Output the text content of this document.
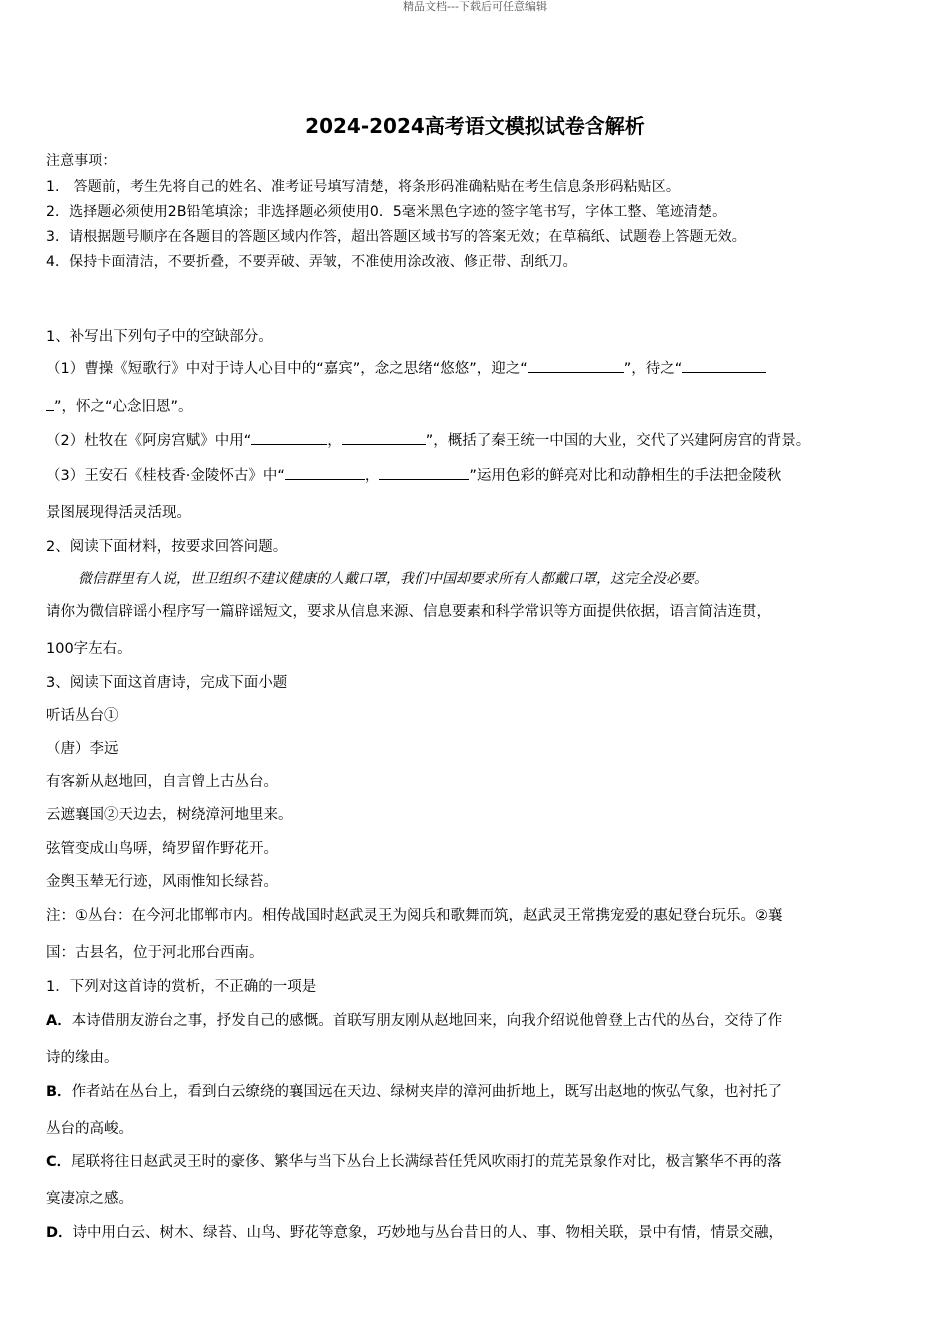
精品文档---下载后可任意编辑
2024-2024高考语文模拟试卷含解析
注意事项：
1.　答题前，考生先将自己的姓名、准考证号填写清楚，将条形码准确粘贴在考生信息条形码粘贴区。
2．选择题必须使用2B铅笔填涂；非选择题必须使用0．5毫米黑色字迹的签字笔书写，字体工整、笔迹清楚。
3．请根据题号顺序在各题目的答题区域内作答，超出答题区域书写的答案无效；在草稿纸、试题卷上答题无效。
4．保持卡面清洁，不要折叠，不要弄破、弄皱，不准使用涂改液、修正带、刮纸刀。
1、补写出下列句子中的空缺部分。
（1）曹操《短歌行》中对于诗人心目中的“嘉宾”，念之思绪“悠悠”，迎之“	”，待之“
”，怀之“心念旧恩”。
（2）杜牧在《阿房宫赋》中用“	，	”，概括了秦王统一中国的大业，交代了兴建阿房宫的背景。
（3）王安石《桂枝香·金陵怀古》中“	，	”运用色彩的鲜亮对比和动静相生的手法把金陵秋
景图展现得活灵活现。
2、阅读下面材料，按要求回答问题。
微信群里有人说，世卫组织不建议健康的人戴口罩，我们中国却要求所有人都戴口罩，这完全没必要。
请你为微信辟谣小程序写一篇辟谣短文，要求从信息来源、信息要素和科学常识等方面提供依据，语言简洁连贯，
100字左右。
3、阅读下面这首唐诗，完成下面小题
听话丛台①
（唐）李远
有客新从赵地回，自言曾上古丛台。
云遮襄国②天边去，树绕漳河地里来。
弦管变成山鸟哢，绮罗留作野花开。
金舆玉辇无行迹，风雨惟知长绿苔。
注：①丛台：在今河北邯郸市内。相传战国时赵武灵王为阅兵和歌舞而筑，赵武灵王常携宠爱的惠妃登台玩乐。②襄
国：古县名，位于河北邢台西南。
1．下列对这首诗的赏析，不正确的一项是
A．本诗借朋友游台之事，抒发自己的感慨。首联写朋友刚从赵地回来，向我介绍说他曾登上古代的丛台，交待了作
诗的缘由。
B．作者站在丛台上，看到白云缭绕的襄国远在天边、绿树夹岸的漳河曲折地上，既写出赵地的恢弘气象，也衬托了
丛台的高峻。
C．尾联将往日赵武灵王时的豪侈、繁华与当下丛台上长满绿苔任凭风吹雨打的荒芜景象作对比，极言繁华不再的落
寞凄凉之感。
D．诗中用白云、树木、绿苔、山鸟、野花等意象，巧妙地与丛台昔日的人、事、物相关联，景中有情，情景交融，
